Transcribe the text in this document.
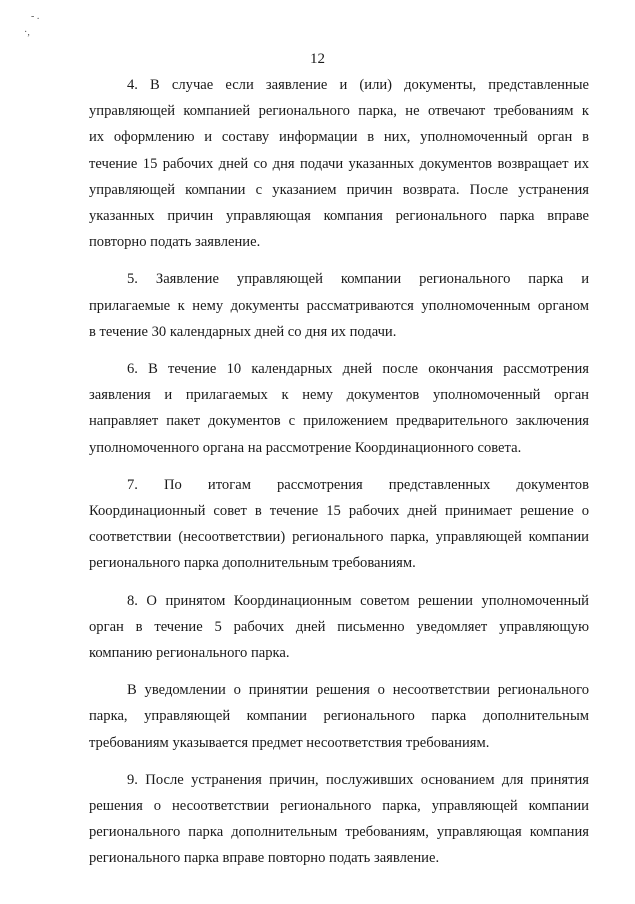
- .
·,
12

4. В случае если заявление и (или) документы, представленные
управляющей компанией регионального парка, не отвечают требованиям к
их оформлению и составу информации в них, уполномоченный орган в
течение 15 рабочих дней со дня подачи указанных документов возвращает их
управляющей компании с указанием причин возврата. После устранения
указанных причин управляющая компания регионального парка вправе
повторно подать заявление.

5. Заявление управляющей компании регионального парка и
прилагаемые к нему документы рассматриваются уполномоченным органом
в течение 30 календарных дней со дня их подачи.

6. В течение 10 календарных дней после окончания рассмотрения
заявления и прилагаемых к нему документов уполномоченный орган
направляет пакет документов с приложением предварительного заключения
уполномоченного органа на рассмотрение Координационного совета.

7. По итогам рассмотрения представленных документов
Координационный совет в течение 15 рабочих дней принимает решение о
соответствии (несоответствии) регионального парка, управляющей компании
регионального парка дополнительным требованиям.

8. О принятом Координационным советом решении уполномоченный
орган в течение 5 рабочих дней письменно уведомляет управляющую
компанию регионального парка.

В уведомлении о принятии решения о несоответствии регионального
парка, управляющей компании регионального парка дополнительным
требованиям указывается предмет несоответствия требованиям.

9. После устранения причин, послуживших основанием для принятия
решения о несоответствии регионального парка, управляющей компании
регионального парка дополнительным требованиям, управляющая компания
регионального парка вправе повторно подать заявление.
